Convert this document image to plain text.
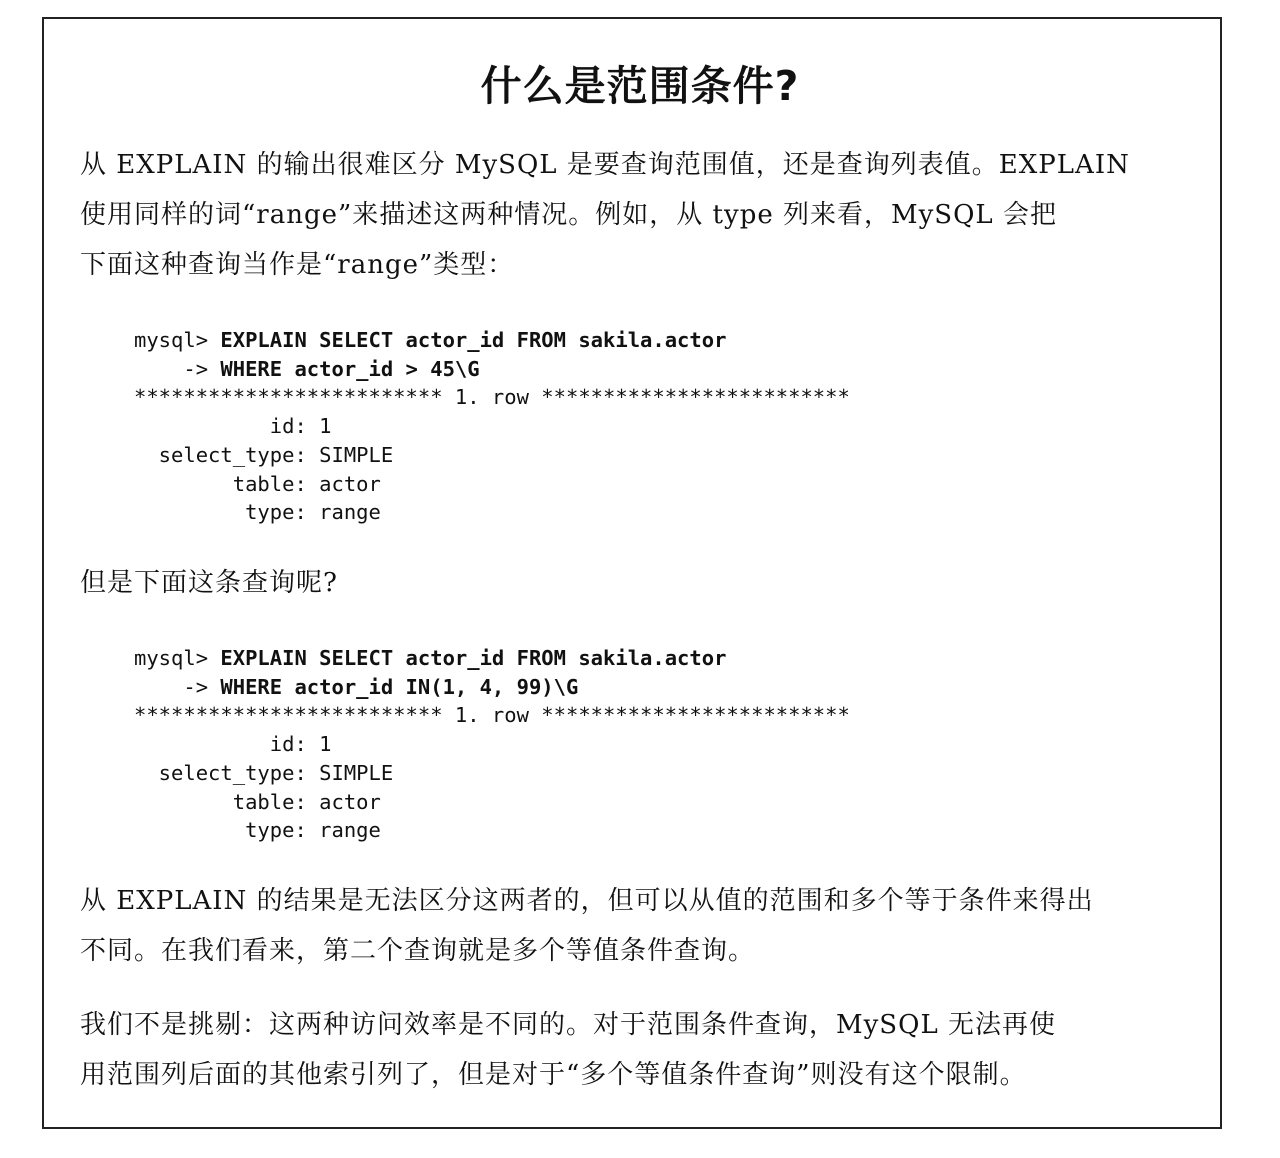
什么是范围条件?

从 EXPLAIN 的输出很难区分 MySQL 是要查询范围值，还是查询列表值。EXPLAIN
使用同样的词“range”来描述这两种情况。例如，从 type 列来看，MySQL 会把
下面这种查询当作是“range”类型：

mysql> EXPLAIN SELECT actor_id FROM sakila.actor
-> WHERE actor_id > 45\G
************************* 1. row *************************
id: 1
select_type: SIMPLE
table: actor
type: range

但是下面这条查询呢?

mysql> EXPLAIN SELECT actor_id FROM sakila.actor
-> WHERE actor_id IN(1, 4, 99)\G
************************* 1. row *************************
id: 1
select_type: SIMPLE
table: actor
type: range

从 EXPLAIN 的结果是无法区分这两者的，但可以从值的范围和多个等于条件来得出
不同。在我们看来，第二个查询就是多个等值条件查询。

我们不是挑剔：这两种访问效率是不同的。对于范围条件查询，MySQL 无法再使
用范围列后面的其他索引列了，但是对于“多个等值条件查询”则没有这个限制。
